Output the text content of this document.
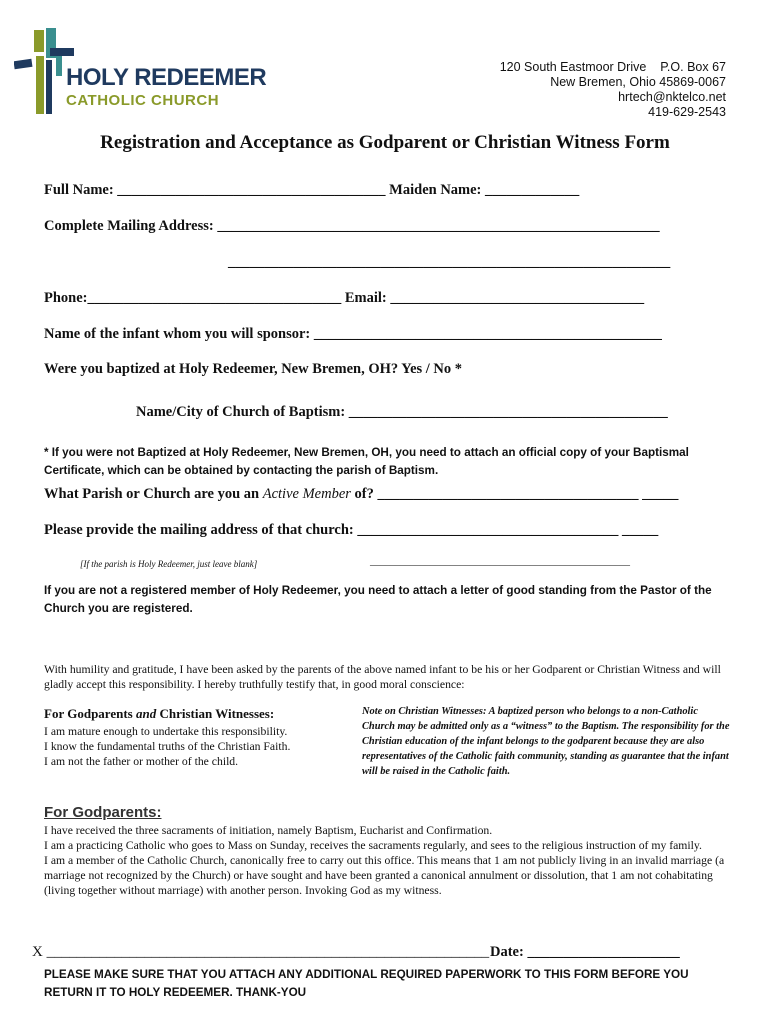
HOLY REDEEMER
CATHOLIC CHURCH
120 South Eastmoor Drive    P.O. Box 67
New Bremen, Ohio 45869-0067
hrtech@nktelco.net
419-629-2543
Registration and Acceptance as Godparent or Christian Witness Form
Full Name: _____________________________________ Maiden Name: _____________
Complete Mailing Address: _____________________________________________________________
_____________________________________________________________
Phone:___________________________________ Email: ___________________________________
Name of the infant whom you will sponsor: ________________________________________________
Were you baptized at Holy Redeemer, New Bremen, OH? Yes / No *
Name/City of Church of Baptism: ____________________________________________
* If you were not Baptized at Holy Redeemer, New Bremen, OH, you need to attach an official copy of your Baptismal Certificate, which can be obtained by contacting the parish of Baptism.
What Parish or Church are you an Active Member of? ____________________________________ _____
Please provide the mailing address of that church: ____________________________________ _____
[If the parish is Holy Redeemer, just leave blank]	____________________________________________________
If you are not a registered member of Holy Redeemer, you need to attach a letter of good standing from the Pastor of the Church you are registered.
With humility and gratitude, I have been asked by the parents of the above named infant to be his or her Godparent or Christian Witness and will gladly accept this responsibility. I hereby truthfully testify that, in good moral conscience:
For Godparents and Christian Witnesses:
I am mature enough to undertake this responsibility.
I know the fundamental truths of the Christian Faith.
I am not the father or mother of the child.
Note on Christian Witnesses: A baptized person who belongs to a non-Catholic Church may be admitted only as a “witness” to the Baptism. The responsibility for the Christian education of the infant belongs to the godparent because they are also representatives of the Catholic faith community, standing as guarantee that the infant will be raised in the Catholic faith.
For Godparents:
I have received the three sacraments of initiation, namely Baptism, Eucharist and Confirmation.
I am a practicing Catholic who goes to Mass on Sunday, receives the sacraments regularly, and sees to the religious instruction of my family.
I am a member of the Catholic Church, canonically free to carry out this office. This means that 1 am not publicly living in an invalid marriage (a marriage not recognized by the Church) or have sought and have been granted a canonical annulment or dissolution, that 1 am not cohabitating (living together without marriage) with another person. Invoking God as my witness.
X ___________________________________________________________ Date: _____________________
PLEASE MAKE SURE THAT YOU ATTACH ANY ADDITIONAL REQUIRED PAPERWORK TO THIS FORM BEFORE YOU RETURN IT TO HOLY REDEEMER. THANK-YOU
